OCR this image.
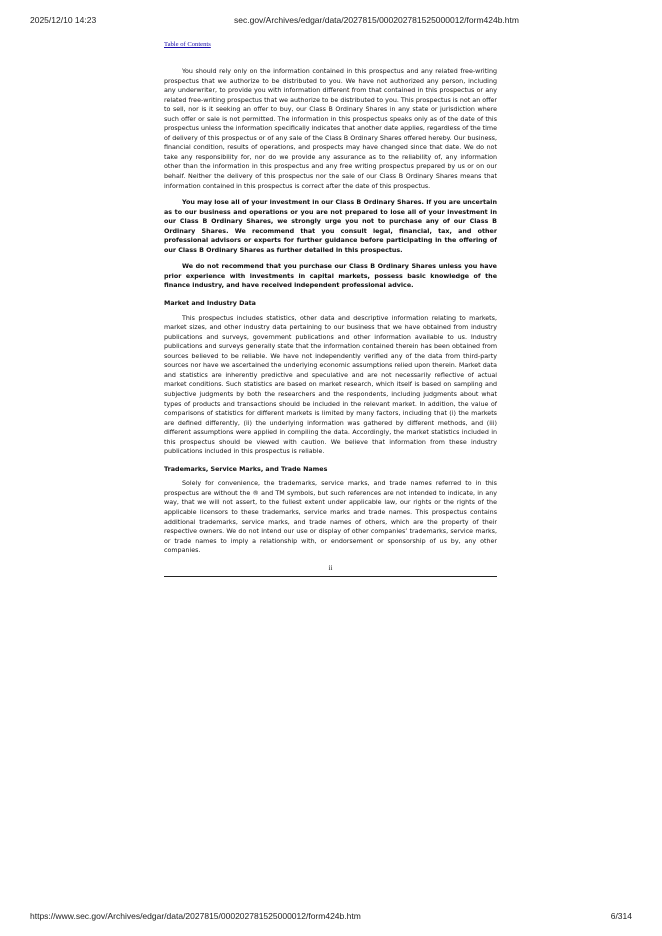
2025/12/10 14:23	sec.gov/Archives/edgar/data/2027815/000202781525000012/form424b.htm
Table of Contents

You should rely only on the information contained in this prospectus and any related free-writing prospectus that we authorize to be distributed to you. We have not authorized any person, including any underwriter, to provide you with information different from that contained in this prospectus or any related free-writing prospectus that we authorize to be distributed to you. This prospectus is not an offer to sell, nor is it seeking an offer to buy, our Class B Ordinary Shares in any state or jurisdiction where such offer or sale is not permitted. The information in this prospectus speaks only as of the date of this prospectus unless the information specifically indicates that another date applies, regardless of the time of delivery of this prospectus or of any sale of the Class B Ordinary Shares offered hereby. Our business, financial condition, results of operations, and prospects may have changed since that date. We do not take any responsibility for, nor do we provide any assurance as to the reliability of, any information other than the information in this prospectus and any free writing prospectus prepared by us or on our behalf. Neither the delivery of this prospectus nor the sale of our Class B Ordinary Shares means that information contained in this prospectus is correct after the date of this prospectus.

You may lose all of your investment in our Class B Ordinary Shares. If you are uncertain as to our business and operations or you are not prepared to lose all of your investment in our Class B Ordinary Shares, we strongly urge you not to purchase any of our Class B Ordinary Shares. We recommend that you consult legal, financial, tax, and other professional advisors or experts for further guidance before participating in the offering of our Class B Ordinary Shares as further detailed in this prospectus.

We do not recommend that you purchase our Class B Ordinary Shares unless you have prior experience with investments in capital markets, possess basic knowledge of the finance industry, and have received independent professional advice.

Market and Industry Data

This prospectus includes statistics, other data and descriptive information relating to markets, market sizes, and other industry data pertaining to our business that we have obtained from industry publications and surveys, government publications and other information available to us. Industry publications and surveys generally state that the information contained therein has been obtained from sources believed to be reliable. We have not independently verified any of the data from third-party sources nor have we ascertained the underlying economic assumptions relied upon therein. Market data and statistics are inherently predictive and speculative and are not necessarily reflective of actual market conditions. Such statistics are based on market research, which itself is based on sampling and subjective judgments by both the researchers and the respondents, including judgments about what types of products and transactions should be included in the relevant market. In addition, the value of comparisons of statistics for different markets is limited by many factors, including that (i) the markets are defined differently, (ii) the underlying information was gathered by different methods, and (iii) different assumptions were applied in compiling the data. Accordingly, the market statistics included in this prospectus should be viewed with caution. We believe that information from these industry publications included in this prospectus is reliable.

Trademarks, Service Marks, and Trade Names

Solely for convenience, the trademarks, service marks, and trade names referred to in this prospectus are without the ® and TM symbols, but such references are not intended to indicate, in any way, that we will not assert, to the fullest extent under applicable law, our rights or the rights of the applicable licensors to these trademarks, service marks and trade names. This prospectus contains additional trademarks, service marks, and trade names of others, which are the property of their respective owners. We do not intend our use or display of other companies’ trademarks, service marks, or trade names to imply a relationship with, or endorsement or sponsorship of us by, any other companies.

ii
https://www.sec.gov/Archives/edgar/data/2027815/000202781525000012/form424b.htm	6/314
